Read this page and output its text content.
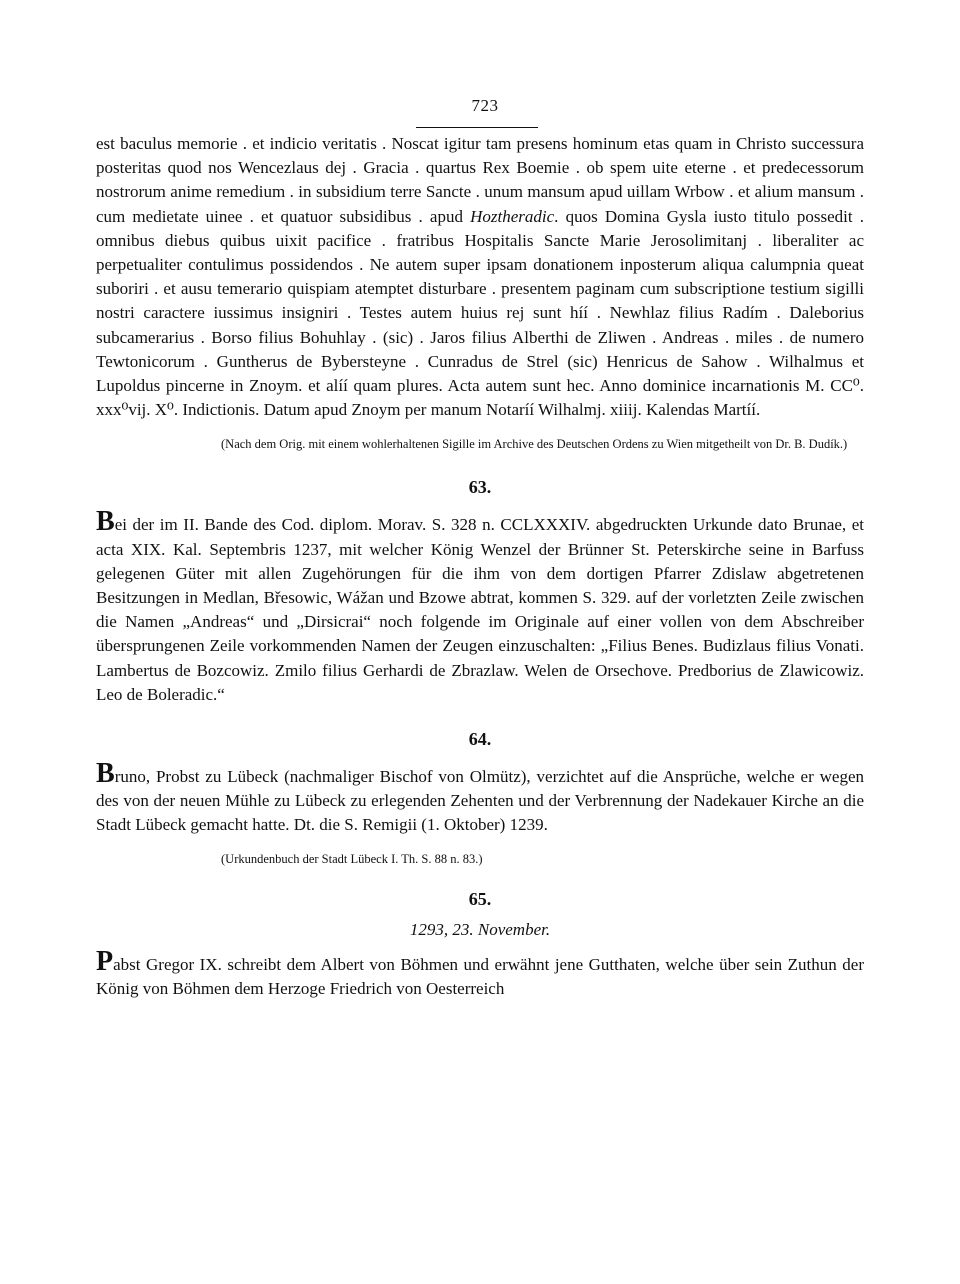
723

est baculus memorie . et indicio veritatis . Noscat igitur tam presens hominum etas quam in Christo successura posteritas quod nos Wencezlaus dej . Gracia . quartus Rex Boemie . ob spem uite eterne . et predecessorum nostrorum anime remedium . in subsidium terre Sancte . unum mansum apud uillam Wrbow . et alium mansum . cum medietate uinee . et quatuor subsidibus . apud Hoztheradic. quos Domina Gysla iusto titulo possedit . omnibus diebus quibus uixit pacifice . fratribus Hospitalis Sancte Marie Jerosolimitanj . liberaliter ac perpetualiter contulimus possidendos . Ne autem super ipsam donationem inposterum aliqua calumpnia queat suboriri . et ausu temerario quispiam atemptet disturbare . presentem paginam cum subscriptione testium sigilli nostri caractere iussimus insigniri . Testes autem huius rej sunt híí . Newhlaz filius Radím . Daleborius subcamerarius . Borso filius Bohuhlay . (sic) . Jaros filius Alberthi de Zliwen . Andreas . miles . de numero Tewtonicorum . Guntherus de Bybersteyne . Cunradus de Strel (sic) Henricus de Sahow . Wilhalmus et Lupoldus pincerne in Znoym. et alíí quam plures. Acta autem sunt hec. Anno dominice incarnationis M. CC⁰. xxx⁰vij. X⁰. Indictionis. Datum apud Znoym per manum Notaríí Wilhalmj. xiiij. Kalendas Martíí.

(Nach dem Orig. mit einem wohlerhaltenen Sigille im Archive des Deutschen Ordens zu Wien mitgetheilt von Dr. B. Dudík.)

63.

Bei der im II. Bande des Cod. diplom. Morav. S. 328 n. CCLXXXIV. abgedruckten Urkunde dato Brunae, et acta XIX. Kal. Septembris 1237, mit welcher König Wenzel der Brünner St. Peterskirche seine in Barfuss gelegenen Güter mit allen Zugehörungen für die ihm von dem dortigen Pfarrer Zdislaw abgetretenen Besitzungen in Medlan, Břesowic, Wážan und Bzowe abtrat, kommen S. 329. auf der vorletzten Zeile zwischen die Namen „Andreas“ und „Dirsicrai“ noch folgende im Originale auf einer vollen von dem Abschreiber übersprungenen Zeile vorkommenden Namen der Zeugen einzuschalten: „Filius Benes. Budizlaus filius Vonati. Lambertus de Bozcowiz. Zmilo filius Gerhardi de Zbrazlaw. Welen de Orsechove. Predborius de Zlawicowiz. Leo de Boleradic.“

64.

Bruno, Probst zu Lübeck (nachmaliger Bischof von Olmütz), verzichtet auf die Ansprüche, welche er wegen des von der neuen Mühle zu Lübeck zu erlegenden Zehenten und der Verbrennung der Nadekauer Kirche an die Stadt Lübeck gemacht hatte. Dt. die S. Remigii (1. Oktober) 1239.

(Urkundenbuch der Stadt Lübeck I. Th. S. 88 n. 83.)

65.
1293, 23. November.

Pabst Gregor IX. schreibt dem Albert von Böhmen und erwähnt jene Gutthaten, welche über sein Zuthun der König von Böhmen dem Herzoge Friedrich von Oesterreich
